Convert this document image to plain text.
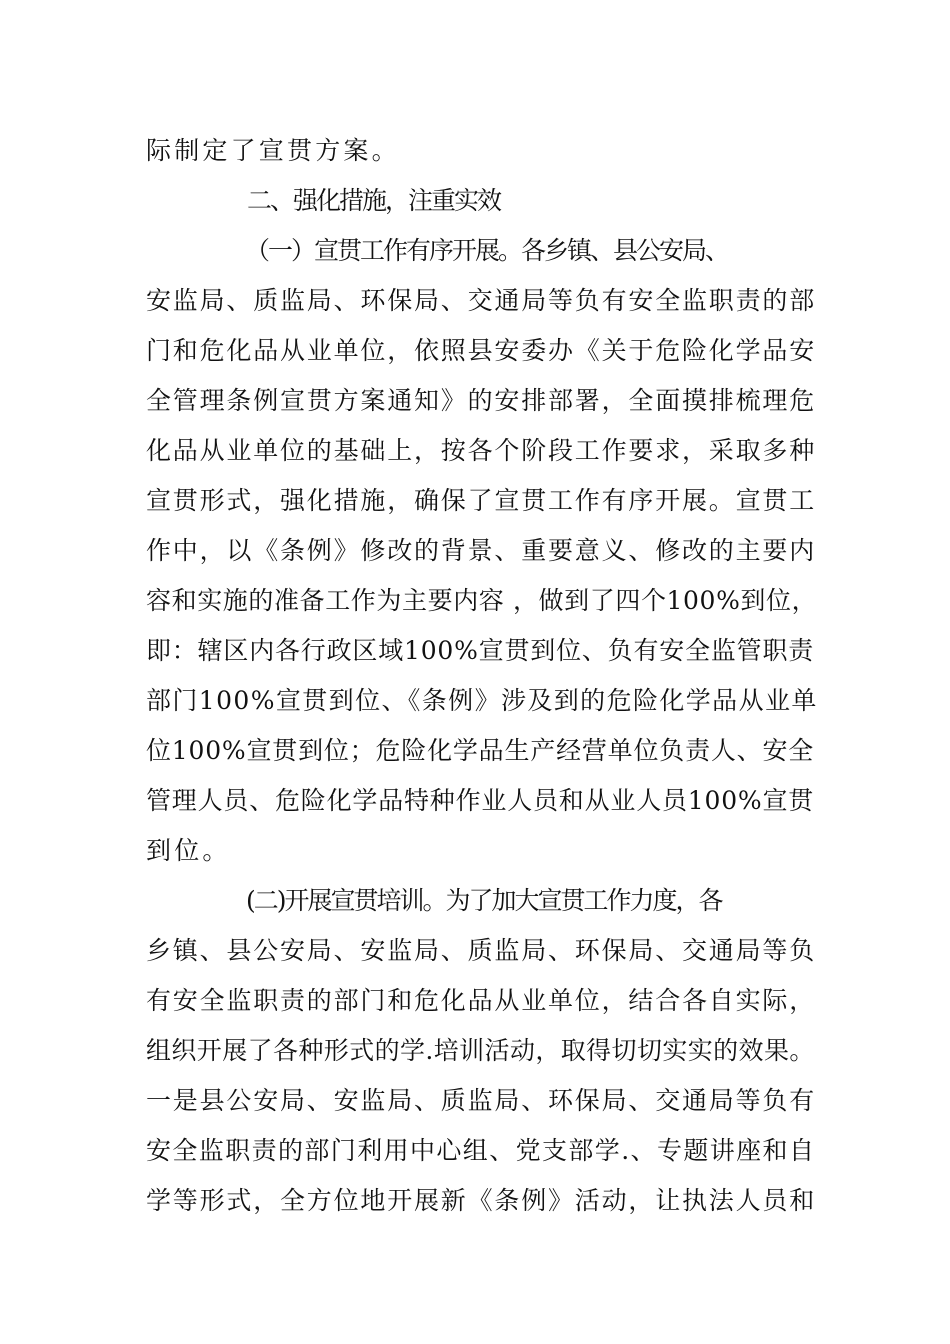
际制定了宣贯方案。
二、强化措施，注重实效
（一）宣贯工作有序开展。各乡镇、县公安局、
安监局、质监局、环保局、交通局等负有安全监职责的部
门和危化品从业单位，依照县安委办《关于危险化学品安
全管理条例宣贯方案通知》的安排部署，全面摸排梳理危
化品从业单位的基础上，按各个阶段工作要求，采取多种
宣贯形式，强化措施，确保了宣贯工作有序开展。宣贯工
作中，以《条例》修改的背景、重要意义、修改的主要内
容和实施的准备工作为主要内容 ，做到了四个100%到位，
即：辖区内各行政区域100%宣贯到位、负有安全监管职责
部门100%宣贯到位、《条例》涉及到的危险化学品从业单
位100%宣贯到位；危险化学品生产经营单位负责人、安全
管理人员、危险化学品特种作业人员和从业人员100%宣贯
到位。
(二)开展宣贯培训。为了加大宣贯工作力度，各
乡镇、县公安局、安监局、质监局、环保局、交通局等负
有安全监职责的部门和危化品从业单位，结合各自实际，
组织开展了各种形式的学.培训活动，取得切切实实的效果。
一是县公安局、安监局、质监局、环保局、交通局等负有
安全监职责的部门利用中心组、党支部学.、专题讲座和自
学等形式，全方位地开展新《条例》活动，让执法人员和
